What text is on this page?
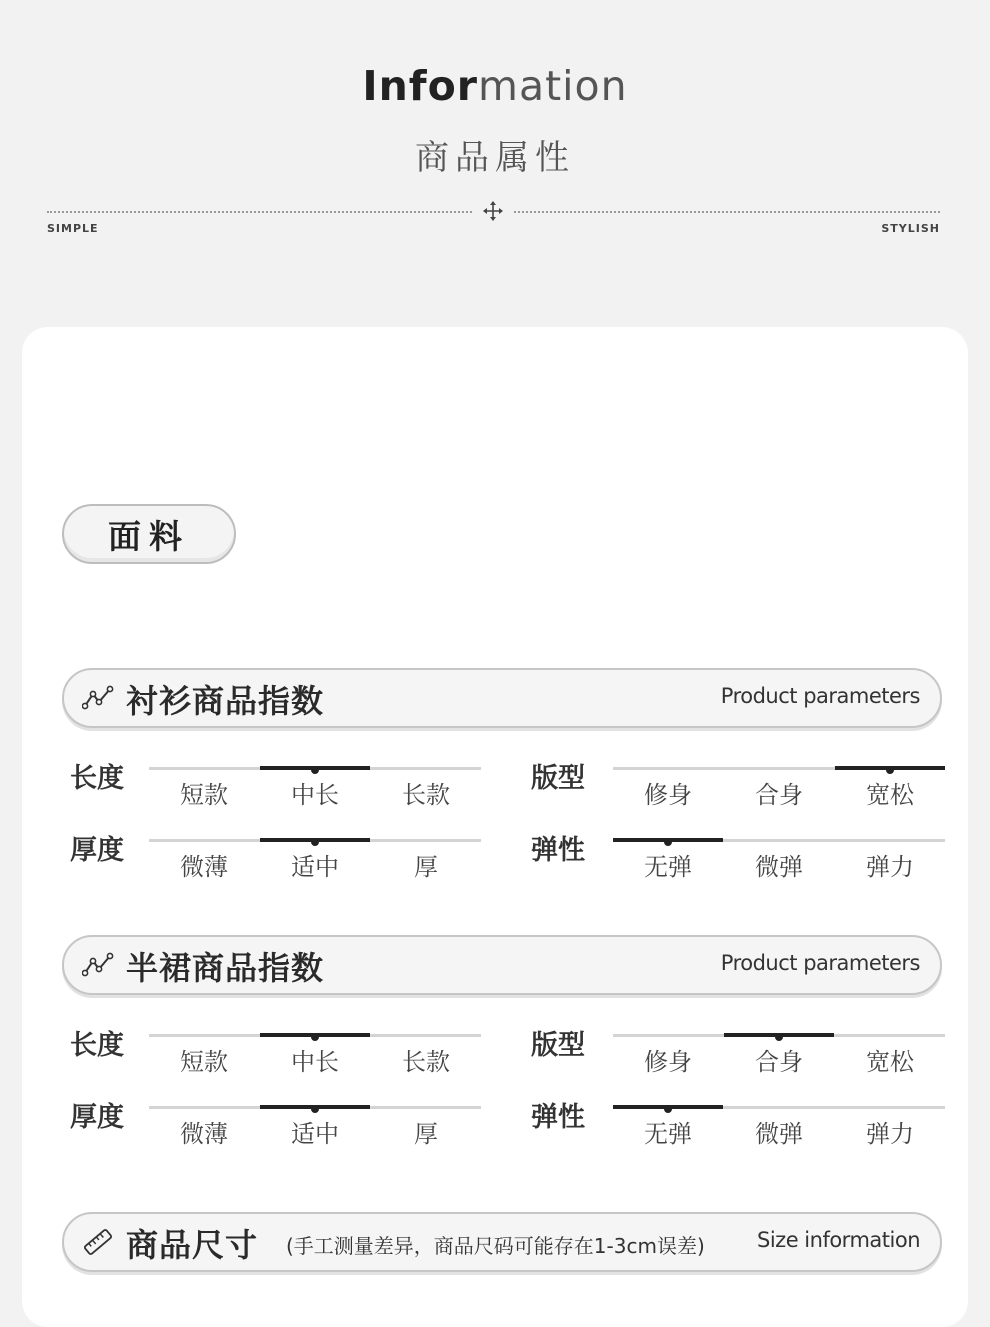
Information
商品属性
SIMPLE	STYLISH
面料
衬衫商品指数	Product parameters
长度
短款	中长	长款
版型
修身	合身	宽松
厚度
微薄	适中	厚
弹性
无弹	微弹	弹力
半裙商品指数	Product parameters
长度
短款	中长	长款
版型
修身	合身	宽松
厚度
微薄	适中	厚
弹性
无弹	微弹	弹力
商品尺寸 (手工测量差异，商品尺码可能存在1-3cm误差) Size information
